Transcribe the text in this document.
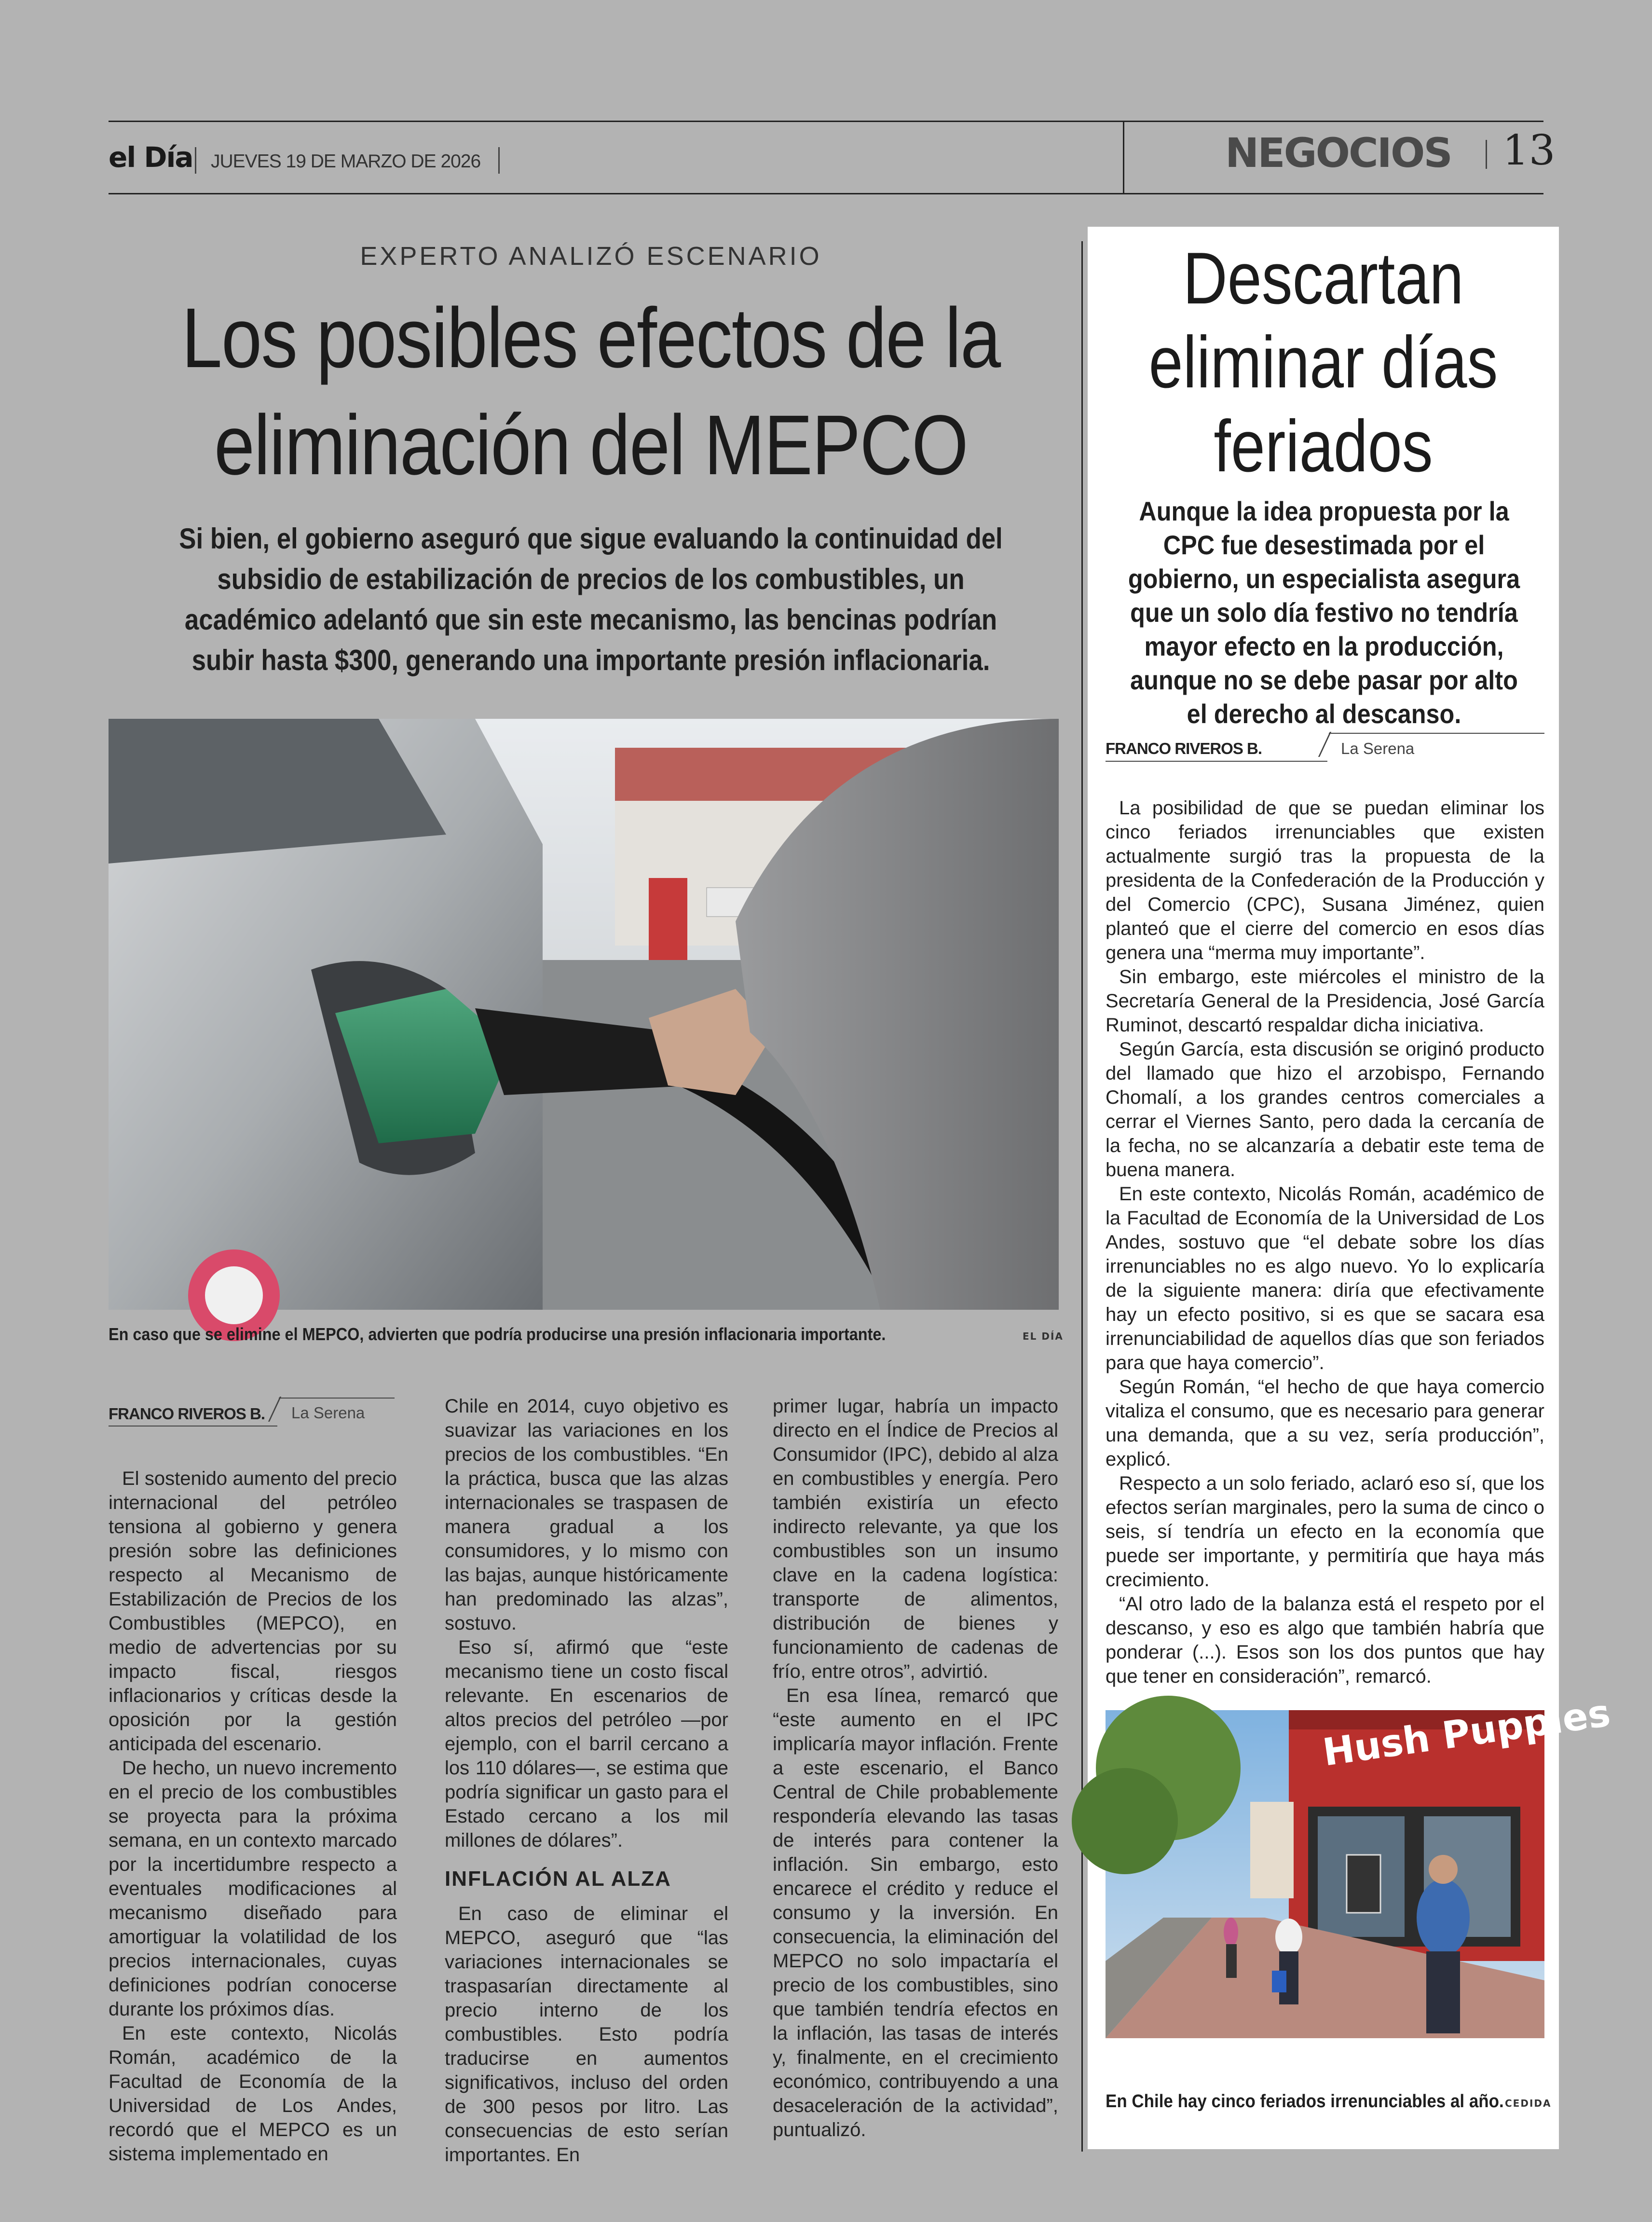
el Día JUEVES 19 DE MARZO DE 2026	NEGOCIOS 13
EXPERTO ANALIZÓ ESCENARIO
Los posibles efectos de la
eliminación del MEPCO
Si bien, el gobierno aseguró que sigue evaluando la continuidad del subsidio de estabilización de precios de los combustibles, un académico adelantó que sin este mecanismo, las bencinas podrían subir hasta $300, generando una importante presión inflacionaria.
En caso que se elimine el MEPCO, advierten que podría producirse una presión inflacionaria importante.	EL DÍA
FRANCO RIVEROS B. La Serena

El sostenido aumento del precio internacional del petróleo tensiona al gobierno y genera presión sobre las definiciones respecto al Mecanismo de Estabilización de Precios de los Combustibles (MEPCO), en medio de advertencias por su impacto fiscal, riesgos inflacionarios y críticas desde la oposición por la gestión anticipada del escenario.

De hecho, un nuevo incremento en el precio de los combustibles se proyecta para la próxima semana, en un contexto marcado por la incertidumbre respecto a eventuales modificaciones al mecanismo diseñado para amortiguar la volatilidad de los precios internacionales, cuyas definiciones podrían conocerse durante los próximos días.

En este contexto, Nicolás Román, académico de la Facultad de Economía de la Universidad de Los Andes, recordó que el MEPCO es un sistema implementado en

Chile en 2014, cuyo objetivo es suavizar las variaciones en los precios de los combustibles. “En la práctica, busca que las alzas internacionales se traspasen de manera gradual a los consumidores, y lo mismo con las bajas, aunque históricamente han predominado las alzas”, sostuvo.

Eso sí, afirmó que “este mecanismo tiene un costo fiscal relevante. En escenarios de altos precios del petróleo —por ejemplo, con el barril cercano a los 110 dólares—, se estima que podría significar un gasto para el Estado cercano a los mil millones de dólares”.

INFLACIÓN AL ALZA

En caso de eliminar el MEPCO, aseguró que “las variaciones internacionales se traspasarían directamente al precio interno de los combustibles. Esto podría traducirse en aumentos significativos, incluso del orden de 300 pesos por litro. Las consecuencias de esto serían importantes. En

primer lugar, habría un impacto directo en el Índice de Precios al Consumidor (IPC), debido al alza en combustibles y energía. Pero también existiría un efecto indirecto relevante, ya que los combustibles son un insumo clave en la cadena logística: transporte de alimentos, distribución de bienes y funcionamiento de cadenas de frío, entre otros”, advirtió.

En esa línea, remarcó que “este aumento en el IPC implicaría mayor inflación. Frente a este escenario, el Banco Central de Chile probablemente respondería elevando las tasas de interés para contener la inflación. Sin embargo, esto encarece el crédito y reduce el consumo y la inversión. En consecuencia, la eliminación del MEPCO no solo impactaría el precio de los combustibles, sino que también tendría efectos en la inflación, las tasas de interés y, finalmente, en el crecimiento económico, contribuyendo a una desaceleración de la actividad”, puntualizó.

Descartan
eliminar días
feriados
Aunque la idea propuesta por la CPC fue desestimada por el gobierno, un especialista asegura que un solo día festivo no tendría mayor efecto en la producción, aunque no se debe pasar por alto el derecho al descanso.
FRANCO RIVEROS B.	La Serena

La posibilidad de que se puedan eliminar los cinco feriados irrenunciables que existen actualmente surgió tras la propuesta de la presidenta de la Confederación de la Producción y del Comercio (CPC), Susana Jiménez, quien planteó que el cierre del comercio en esos días genera una “merma muy importante”.

Sin embargo, este miércoles el ministro de la Secretaría General de la Presidencia, José García Ruminot, descartó respaldar dicha iniciativa.

Según García, esta discusión se originó producto del llamado que hizo el arzobispo, Fernando Chomalí, a los grandes centros comerciales a cerrar el Viernes Santo, pero dada la cercanía de la fecha, no se alcanzaría a debatir este tema de buena manera.

En este contexto, Nicolás Román, académico de la Facultad de Economía de la Universidad de Los Andes, sostuvo que “el debate sobre los días irrenunciables no es algo nuevo. Yo lo explicaría de la siguiente manera: diría que efectivamente hay un efecto positivo, si es que se sacara esa irrenunciabilidad de aquellos días que son feriados para que haya comercio”.

Según Román, “el hecho de que haya comercio vitaliza el consumo, que es necesario para generar una demanda, que a su vez, sería producción”, explicó.

Respecto a un solo feriado, aclaró eso sí, que los efectos serían marginales, pero la suma de cinco o seis, sí tendría un efecto en la economía que puede ser importante, y permitiría que haya más crecimiento.

“Al otro lado de la balanza está el respeto por el descanso, y eso es algo que también habría que ponderar (...). Esos son los dos puntos que hay que tener en consideración”, remarcó.

Hush Puppies
En Chile hay cinco feriados irrenunciables al año. CEDIDA
